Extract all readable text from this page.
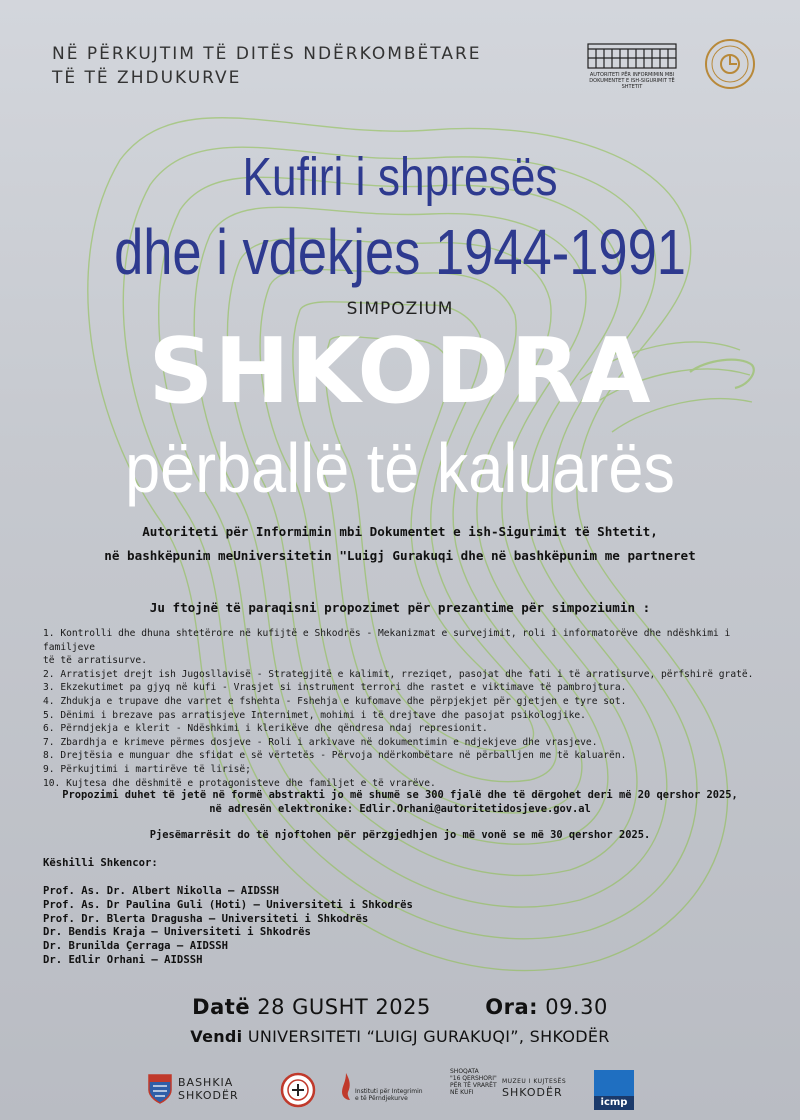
NË PËRKUJTIM TË DITËS NDËRKOMBËTARE
TË TË ZHDUKURVE	AUTORITETI PËR INFORMIMIN MBI
DOKUMENTET E ISH-SIGURIMIT TË SHTETIT
Kufiri i shpresës
dhe i vdekjes 1944-1991
SIMPOZIUM
SHKODRA
përballë të kaluarës
Autoriteti për Informimin mbi Dokumentet e ish-Sigurimit të Shtetit,
në bashkëpunim meUniversitetin "Luigj Gurakuqi dhe në bashkëpunim me partneret
Ju ftojnë të paraqisni propozimet për prezantime për simpoziumin :
1. Kontrolli dhe dhuna shtetërore në kufijtë e Shkodrës - Mekanizmat e survejimit, roli i informatorëve dhe ndëshkimi i familjeve
të të arratisurve.
2. Arratisjet drejt ish Jugosllavisë - Strategjitë e kalimit, rreziqet, pasojat dhe fati i të arratisurve, përfshirë gratë.
3. Ekzekutimet pa gjyq në kufi - Vrasjet si instrument terrori dhe rastet e viktimave të pambrojtura.
4. Zhdukja e trupave dhe varret e fshehta - Fshehja e kufomave dhe përpjekjet për gjetjen e tyre sot.
5. Dënimi i brezave pas arratisjeve Internimet, mohimi i të drejtave dhe pasojat psikologjike.
6. Përndjekja e klerit - Ndëshkimi i klerikëve dhe qëndresa ndaj represionit.
7. Zbardhja e krimeve përmes dosjeve - Roli i arkivave në dokumentimin e ndjekjeve dhe vrasjeve.
8. Drejtësia e munguar dhe sfidat e së vërtetës - Përvoja ndërkombëtare në përballjen me të kaluarën.
9. Përkujtimi i martirëve të lirisë;
10. Kujtesa dhe dëshmitë e protagonisteve dhe familjet e të vrarëve.
Propozimi duhet të jetë në formë abstrakti jo më shumë se 300 fjalë dhe të dërgohet deri më 20 qershor 2025,
në adresën elektronike: Edlir.Orhani@autoritetidosjeve.gov.al
Pjesëmarrësit do të njoftohen për përzgjedhjen jo më vonë se më 30 qershor 2025.
Këshilli Shkencor:
Prof. As. Dr. Albert Nikolla – AIDSSH
Prof. As. Dr Paulina Guli (Hoti) – Universiteti i Shkodrës
Prof. Dr. Blerta Dragusha – Universiteti i Shkodrës
Dr. Bendis Kraja – Universiteti i Shkodrës
Dr. Brunilda Çerraga – AIDSSH
Dr. Edlir Orhani – AIDSSH
Datë 28 GUSHT 2025	Ora: 09.30
Vendi UNIVERSITETI “LUIGJ GURAKUQI”, SHKODËR
BASHKIA
SHKODËR	Instituti për Integrimin
e të Përndjekurve
SHOQATA
"16 QERSHORI"
PËR TË VRARËT
NË KUFI
MUZEU I KUJTESËS
SHKODËR
icmp
